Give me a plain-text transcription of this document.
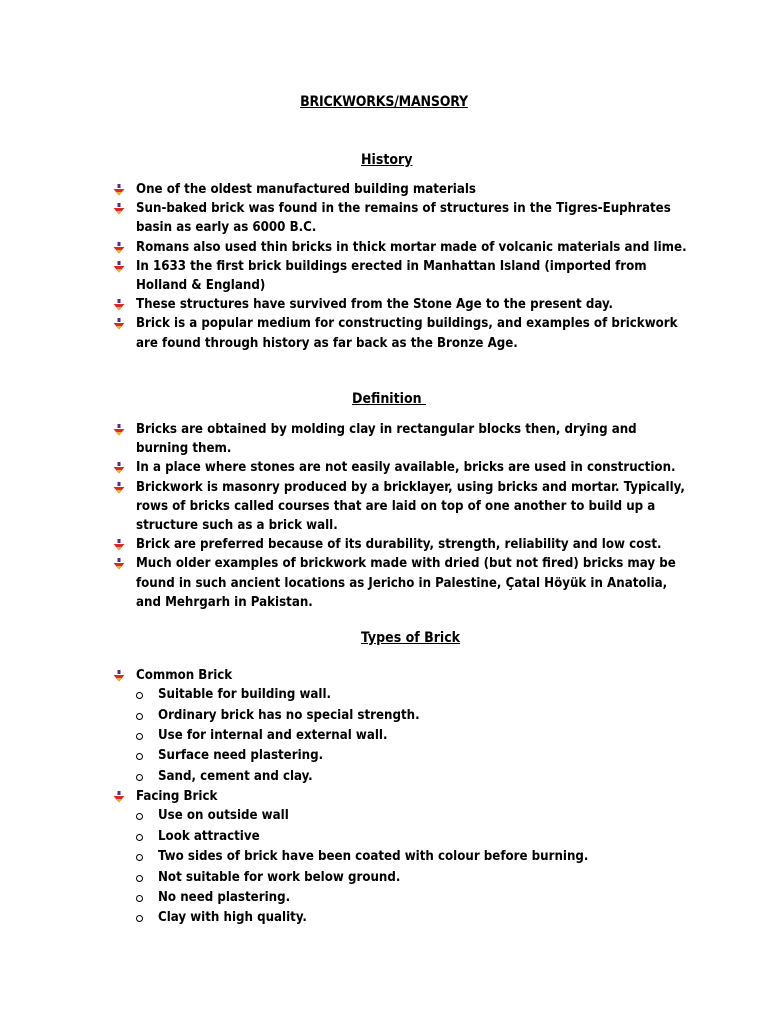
BRICKWORKS/MANSORY
History
One of the oldest manufactured building materials
Sun-baked brick was found in the remains of structures in the Tigres-Euphrates basin as early as 6000 B.C.
Romans also used thin bricks in thick mortar made of volcanic materials and lime.
In 1633 the first brick buildings erected in Manhattan Island (imported from Holland & England)
These structures have survived from the Stone Age to the present day.
Brick is a popular medium for constructing buildings, and examples of brickwork are found through history as far back as the Bronze Age.
Definition
Bricks are obtained by molding clay in rectangular blocks then, drying and burning them.
In a place where stones are not easily available, bricks are used in construction.
Brickwork is masonry produced by a bricklayer, using bricks and mortar. Typically, rows of bricks called courses that are laid on top of one another to build up a structure such as a brick wall.
Brick are preferred because of its durability, strength, reliability and low cost.
Much older examples of brickwork made with dried (but not fired) bricks may be found in such ancient locations as Jericho in Palestine, Çatal Höyük in Anatolia, and Mehrgarh in Pakistan.
Types of Brick
Common Brick
Suitable for building wall.
Ordinary brick has no special strength.
Use for internal and external wall.
Surface need plastering.
Sand, cement and clay.
Facing Brick
Use on outside wall
Look attractive
Two sides of brick have been coated with colour before burning.
Not suitable for work below ground.
No need plastering.
Clay with high quality.
